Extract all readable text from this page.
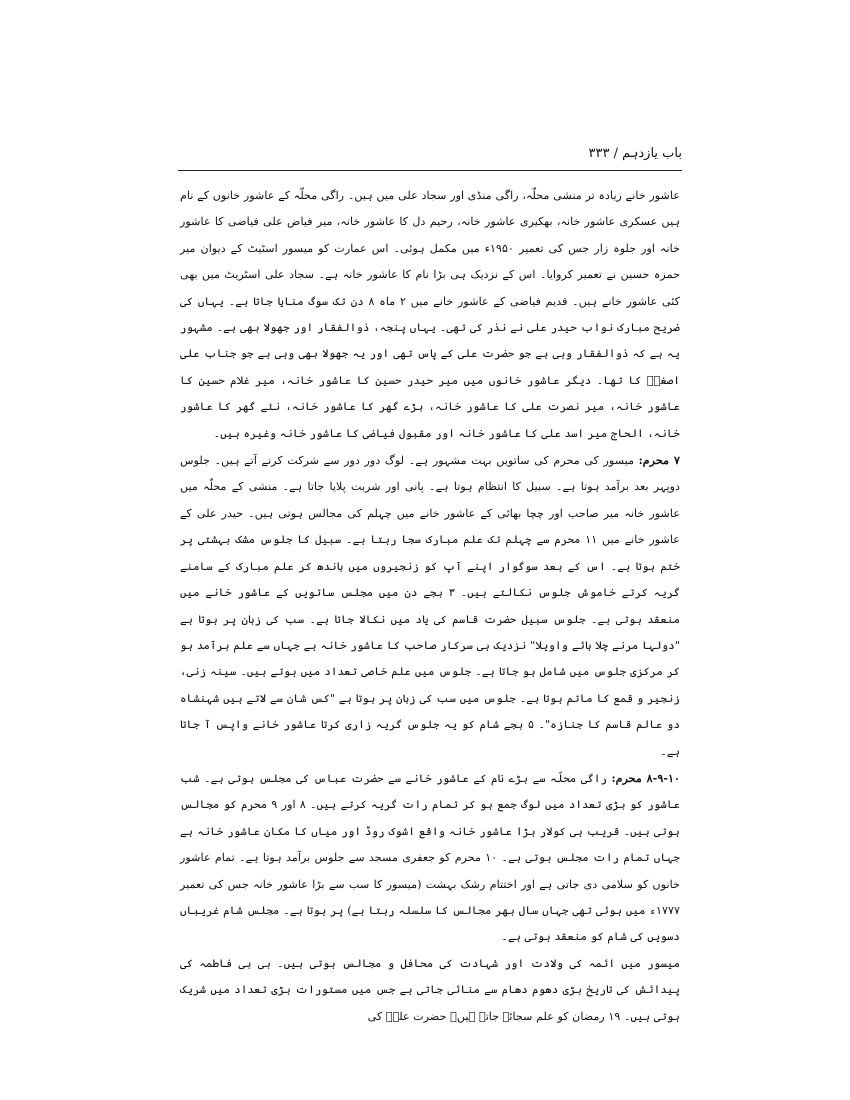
باب یازدہم / ۳۳۳

عاشور خانے زیادہ تر منشی محلّہ، راگی منڈی اور سجاد علی میں ہیں۔ راگی محلّہ کے عاشور خانوں کے نام ہیں عسکری عاشور خانہ، بھکیری عاشور خانہ، رحیم دل کا عاشور خانہ، میر فیاض علی فیاضی کا عاشور خانہ اور جلوہ زار جس کی تعمیر ۱۹۵۰ء میں مکمل ہوئی۔ اس عمارت کو میسور اسٹیٹ کے دیوان میر حمزہ حسین نے تعمیر کروایا۔ اس کے نزدیک ہی بڑا نام کا عاشور خانہ ہے۔ سجاد علی اسٹریٹ میں بھی کئی عاشور خانے ہیں۔ قدیم فیاضی کے عاشور خانے میں ۲ ماہ ۸ دن تک سوگ منایا جاتا ہے۔ یہاں کی ضریح مبارک نواب حیدر علی نے نذر کی تھی۔ یہاں پنجہ، ذوالفقار اور جھولا بھی ہے۔ مشہور یہ ہے کہ ذوالفقار وہی ہے جو حضرت علی کے پاس تھی اور یہ جھولا بھی وہی ہے جو جناب علی اصغرؑ کا تھا۔ دیگر عاشور خانوں میں میر حیدر حسین کا عاشور خانہ، میر غلام حسین کا عاشور خانہ، میر نصرت علی کا عاشور خانہ، بڑے گھر کا عاشور خانہ، نئے گھر کا عاشور خانہ، الحاج میر اسد علی کا عاشور خانہ اور مقبول فیاضی کا عاشور خانہ وغیرہ ہیں۔

۷ محرم: میسور کی محرم کی ساتویں بہت مشہور ہے۔ لوگ دور دور سے شرکت کرنے آتے ہیں۔ جلوس دوپہر بعد برآمد ہوتا ہے۔ سبیل کا انتظام ہوتا ہے۔ پانی اور شربت پلایا جاتا ہے۔ منشی کے محلّہ میں عاشور خانہ میر صاحب اور چچا بھائی کے عاشور خانے میں چہلم کی مجالس ہوتی ہیں۔ حیدر علی کے عاشور خانے میں ۱۱ محرم سے چہلم تک علم مبارک سجا رہتا ہے۔ سبیل کا جلوس مشک بہشتی پر ختم ہوتا ہے۔ اس کے بعد سوگوار اپنے آپ کو زنجیروں میں باندھ کر علم مبارک کے سامنے گریہ کرتے خاموش جلوس نکالتے ہیں۔ ۳ بجے دن میں مجلس ساتویں کے عاشور خانے میں منعقد ہوتی ہے۔ جلوس سبیل حضرت قاسم کی یاد میں نکالا جاتا ہے۔ سب کی زبان پر ہوتا ہے "دولہا مرنے چلا ہائے واویلا" نزدیک ہی سرکار صاحب کا عاشور خانہ ہے جہاں سے علم برآمد ہو کر مرکزی جلوس میں شامل ہو جاتا ہے۔ جلوس میں علم خاصی تعداد میں ہوتے ہیں۔ سینہ زنی، زنجیر و قمع کا ماتم ہوتا ہے۔ جلوس میں سب کی زبان پر ہوتا ہے "کس شان سے لاتے ہیں شہنشاہ دو عالم قاسم کا جنازہ"۔ ۵ بجے شام کو یہ جلوس گریہ زاری کرتا عاشور خانے واپس آ جاتا ہے۔

۸-۹-۱۰ محرم: راگی محلّہ سے بڑے نام کے عاشور خانے سے حضرت عباس کی مجلس ہوتی ہے۔ شب عاشور کو بڑی تعداد میں لوگ جمع ہو کر تمام رات گریہ کرتے ہیں۔ ۸ اور ۹ محرم کو مجالس ہوتی ہیں۔ قریب ہی کولار بڑا عاشور خانہ واقع اشوک روڈ اور میاں کا مکان عاشور خانہ ہے جہاں تمام رات مجلس ہوتی ہے۔ ۱۰ محرم کو جعفری مسجد سے جلوس برآمد ہوتا ہے۔ تمام عاشور خانوں کو سلامی دی جاتی ہے اور اختتام رشک بہشت (میسور کا سب سے بڑا عاشور خانہ جس کی تعمیر ۱۷۷۷ء میں ہوئی تھی جہاں سال بھر مجالس کا سلسلہ رہتا ہے) پر ہوتا ہے۔ مجلس شام غریباں دسویں کی شام کو منعقد ہوتی ہے۔

میسور میں ائمہ کی ولادت اور شہادت کی محافل و مجالس ہوتی ہیں۔ بی بی فاطمہ کی پیدائش کی تاریخ بڑی دھوم دھام سے منائی جاتی ہے جس میں مستورات بڑی تعداد میں شریک ہوتی ہیں۔ ۱۹ رمضان کو علم سجائے جاتے ہیں۔ حضرت علیؑ کی
